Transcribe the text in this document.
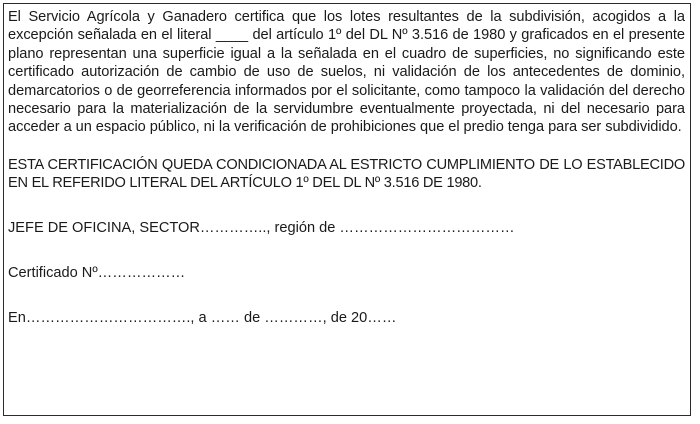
El Servicio Agrícola y Ganadero certifica que los lotes resultantes de la subdivisión, acogidos a la excepción señalada en el literal ____ del artículo 1º del DL Nº 3.516 de 1980 y graficados en el presente plano representan una superficie igual a la señalada en el cuadro de superficies, no significando este certificado autorización de cambio de uso de suelos, ni validación de los antecedentes de dominio, demarcatorios o de georreferencia informados por el solicitante, como tampoco la validación del derecho necesario para la materialización de la servidumbre eventualmente proyectada, ni del necesario para acceder a un espacio público, ni la verificación de prohibiciones que el predio tenga para ser subdividido.

ESTA CERTIFICACIÓN QUEDA CONDICIONADA AL ESTRICTO CUMPLIMIENTO DE LO ESTABLECIDO EN EL REFERIDO LITERAL DEL ARTÍCULO 1º DEL DL Nº 3.516 DE 1980.

JEFE DE OFICINA, SECTOR………….., región de ………………………………

Certificado Nº………………

En……………………………., a …… de …………, de 20……
